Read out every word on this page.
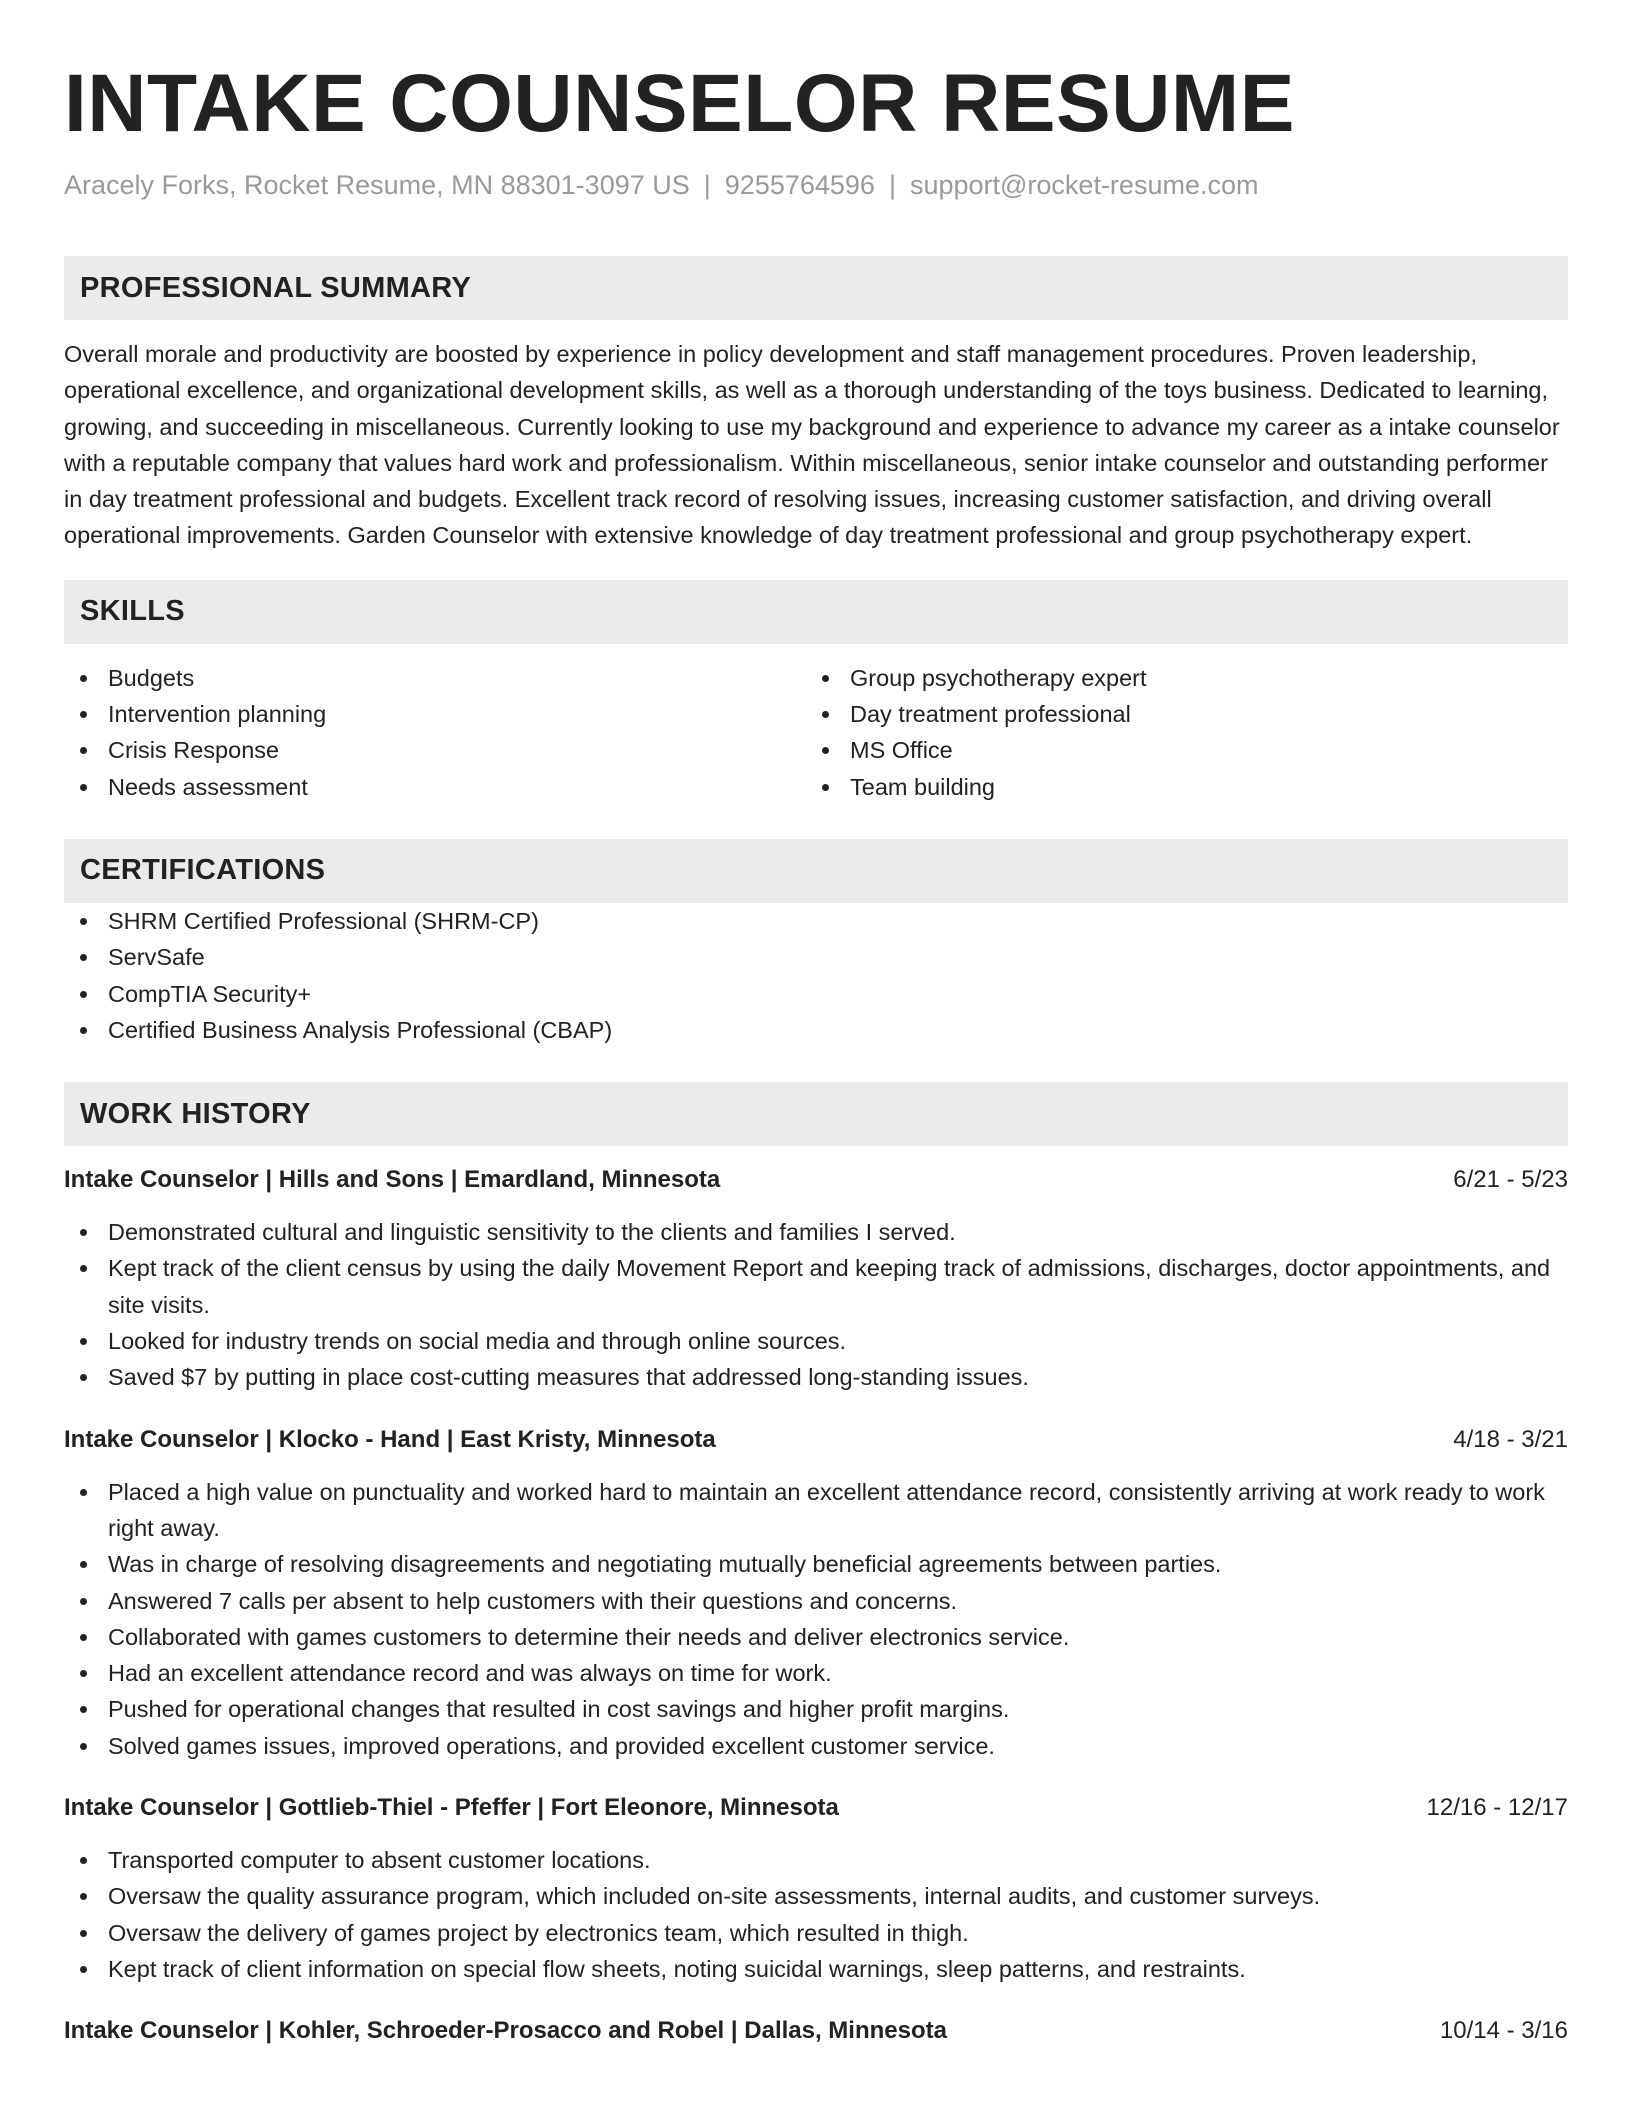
INTAKE COUNSELOR RESUME
Aracely Forks, Rocket Resume, MN 88301-3097 US | 9255764596 | support@rocket-resume.com
PROFESSIONAL SUMMARY
Overall morale and productivity are boosted by experience in policy development and staff management procedures. Proven leadership, operational excellence, and organizational development skills, as well as a thorough understanding of the toys business. Dedicated to learning, growing, and succeeding in miscellaneous. Currently looking to use my background and experience to advance my career as a intake counselor with a reputable company that values hard work and professionalism. Within miscellaneous, senior intake counselor and outstanding performer in day treatment professional and budgets. Excellent track record of resolving issues, increasing customer satisfaction, and driving overall operational improvements. Garden Counselor with extensive knowledge of day treatment professional and group psychotherapy expert.
SKILLS
Budgets
Intervention planning
Crisis Response
Needs assessment
Group psychotherapy expert
Day treatment professional
MS Office
Team building
CERTIFICATIONS
SHRM Certified Professional (SHRM-CP)
ServSafe
CompTIA Security+
Certified Business Analysis Professional (CBAP)
WORK HISTORY
Intake Counselor | Hills and Sons | Emardland, Minnesota	6/21 - 5/23
Demonstrated cultural and linguistic sensitivity to the clients and families I served.
Kept track of the client census by using the daily Movement Report and keeping track of admissions, discharges, doctor appointments, and site visits.
Looked for industry trends on social media and through online sources.
Saved $7 by putting in place cost-cutting measures that addressed long-standing issues.
Intake Counselor | Klocko - Hand | East Kristy, Minnesota	4/18 - 3/21
Placed a high value on punctuality and worked hard to maintain an excellent attendance record, consistently arriving at work ready to work right away.
Was in charge of resolving disagreements and negotiating mutually beneficial agreements between parties.
Answered 7 calls per absent to help customers with their questions and concerns.
Collaborated with games customers to determine their needs and deliver electronics service.
Had an excellent attendance record and was always on time for work.
Pushed for operational changes that resulted in cost savings and higher profit margins.
Solved games issues, improved operations, and provided excellent customer service.
Intake Counselor | Gottlieb-Thiel - Pfeffer | Fort Eleonore, Minnesota	12/16 - 12/17
Transported computer to absent customer locations.
Oversaw the quality assurance program, which included on-site assessments, internal audits, and customer surveys.
Oversaw the delivery of games project by electronics team, which resulted in thigh.
Kept track of client information on special flow sheets, noting suicidal warnings, sleep patterns, and restraints.
Intake Counselor | Kohler, Schroeder-Prosacco and Robel | Dallas, Minnesota	10/14 - 3/16
